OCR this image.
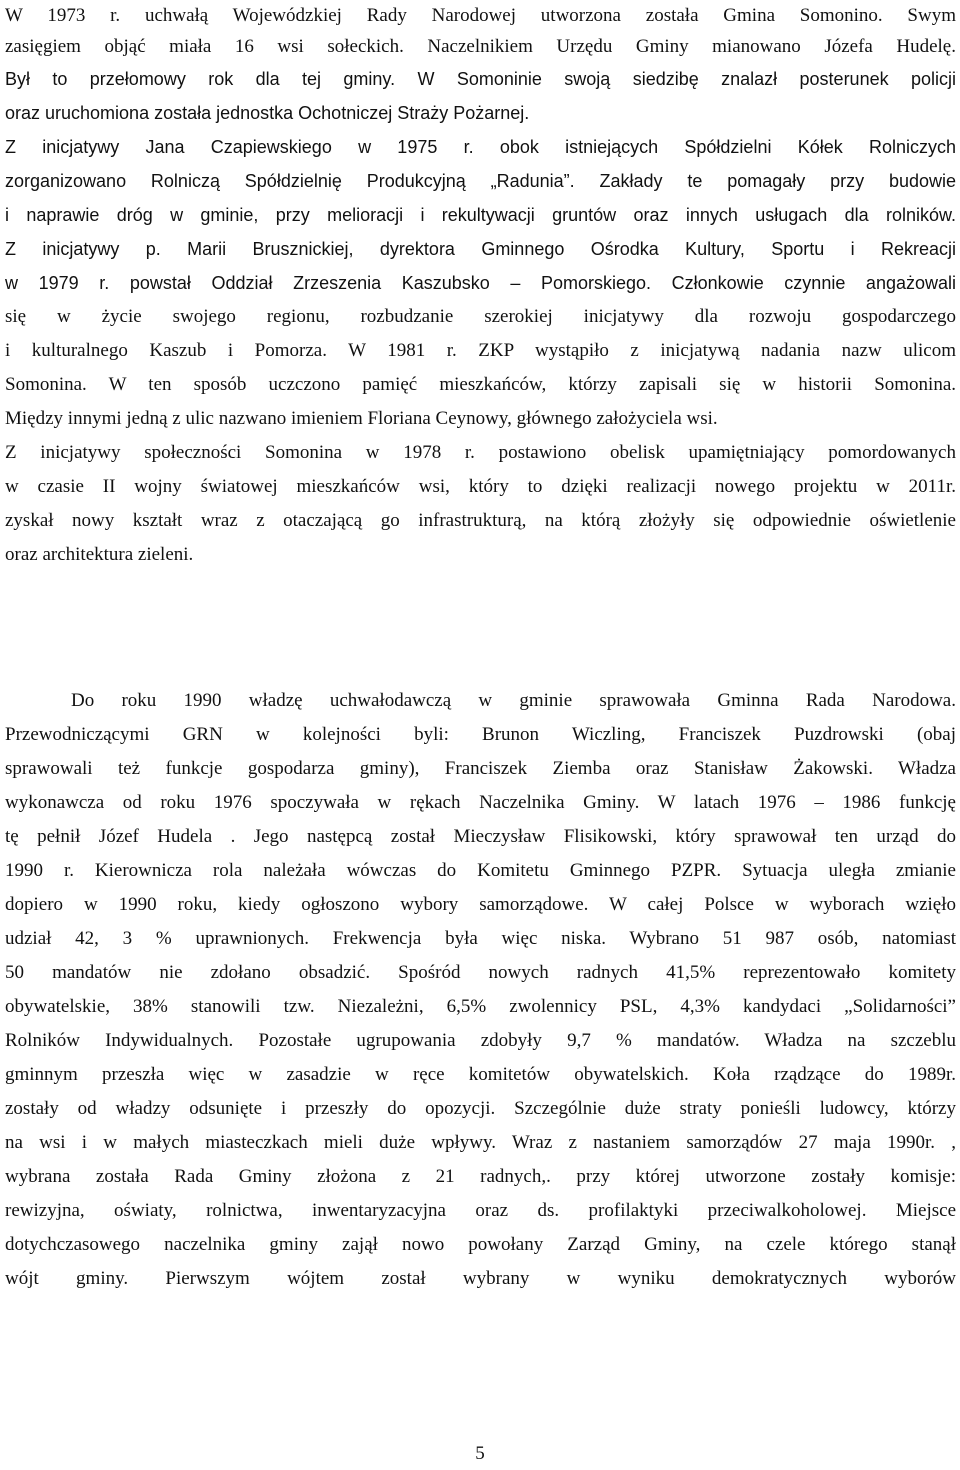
W 1973 r. uchwałą Wojewódzkiej Rady Narodowej utworzona została Gmina Somonino. Swym
zasięgiem objąć miała 16 wsi sołeckich. Naczelnikiem Urzędu Gminy mianowano Józefa Hudelę.
Był to przełomowy rok dla tej gminy. W Somoninie swoją siedzibę znalazł posterunek policji
oraz uruchomiona została jednostka Ochotniczej Straży Pożarnej.
Z inicjatywy Jana Czapiewskiego w 1975 r. obok istniejących Spółdzielni Kółek Rolniczych
zorganizowano Rolniczą Spółdzielnię Produkcyjną „Radunia”. Zakłady te pomagały przy budowie
i naprawie dróg w gminie, przy melioracji i rekultywacji gruntów oraz innych usługach dla rolników.
Z inicjatywy p. Marii Brusznickiej, dyrektora Gminnego Ośrodka Kultury, Sportu i Rekreacji
w 1979 r. powstał Oddział Zrzeszenia Kaszubsko – Pomorskiego. Członkowie czynnie angażowali
się w życie swojego regionu, rozbudzanie szerokiej inicjatywy dla rozwoju gospodarczego
i kulturalnego Kaszub i Pomorza. W 1981 r. ZKP wystąpiło z inicjatywą nadania nazw ulicom
Somonina. W ten sposób uczczono pamięć mieszkańców, którzy zapisali się w historii Somonina.
Między innymi jedną z ulic nazwano imieniem Floriana Ceynowy, głównego założyciela wsi.
Z inicjatywy społeczności Somonina w 1978 r. postawiono obelisk upamiętniający pomordowanych
w czasie II wojny światowej mieszkańców wsi, który to dzięki realizacji nowego projektu w 2011r.
zyskał nowy kształt wraz z otaczającą go infrastrukturą, na którą złożyły się odpowiednie oświetlenie
oraz architektura zieleni.
Do roku 1990 władzę uchwałodawczą w gminie sprawowała Gminna Rada Narodowa.
Przewodniczącymi GRN w kolejności byli: Brunon Wiczling, Franciszek Puzdrowski (obaj
sprawowali też funkcje gospodarza gminy), Franciszek Ziemba oraz Stanisław Żakowski. Władza
wykonawcza od roku 1976 spoczywała w rękach Naczelnika Gminy. W latach 1976 – 1986 funkcję
tę pełnił Józef Hudela . Jego następcą został Mieczysław Flisikowski, który sprawował ten urząd do
1990 r. Kierownicza rola należała wówczas do Komitetu Gminnego PZPR. Sytuacja uległa zmianie
dopiero w 1990 roku, kiedy ogłoszono wybory samorządowe. W całej Polsce w wyborach wzięło
udział 42, 3 % uprawnionych. Frekwencja była więc niska. Wybrano 51 987 osób, natomiast
50 mandatów nie zdołano obsadzić. Spośród nowych radnych 41,5% reprezentowało komitety
obywatelskie, 38% stanowili tzw. Niezależni, 6,5% zwolennicy PSL, 4,3% kandydaci „Solidarności”
Rolników Indywidualnych. Pozostałe ugrupowania zdobyły 9,7 % mandatów. Władza na szczeblu
gminnym przeszła więc w zasadzie w ręce komitetów obywatelskich. Koła rządzące do 1989r.
zostały od władzy odsunięte i przeszły do opozycji. Szczególnie duże straty ponieśli ludowcy, którzy
na wsi i w małych miasteczkach mieli duże wpływy. Wraz z nastaniem samorządów 27 maja 1990r. ,
wybrana została Rada Gminy złożona z 21 radnych,. przy której utworzone zostały komisje:
rewizyjna, oświaty, rolnictwa, inwentaryzacyjna oraz ds. profilaktyki przeciwalkoholowej. Miejsce
dotychczasowego naczelnika gminy zajął nowo powołany Zarząd Gminy, na czele którego stanął
wójt gminy. Pierwszym wójtem został wybrany w wyniku demokratycznych wyborów
5
